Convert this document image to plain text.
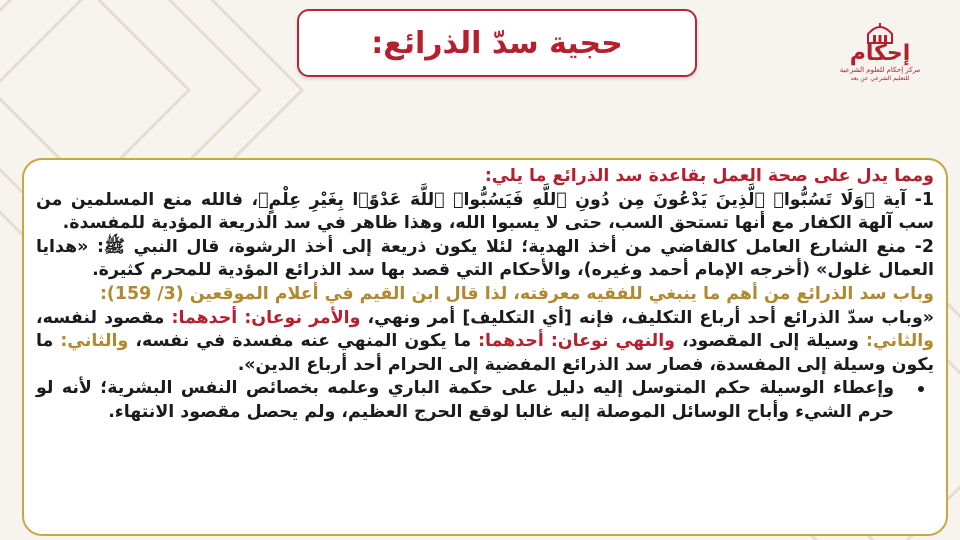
حجية سدّ الذرائع:	إحكام
مركز إحكام للعلوم الشرعية
للتعليم الشرعي عن بعد

ومما يدل على صحة العمل بقاعدة سد الذرائع ما يلي:

1- آية ﴿وَلَا تَسُبُّوا۟ ٱلَّذِينَ يَدْعُونَ مِن دُونِ ٱللَّهِ فَيَسُبُّوا۟ ٱللَّهَ عَدْوًۢا بِغَيْرِ عِلْمٍ﴾، فالله منع المسلمين من سب آلهة الكفار مع أنها تستحق السب، حتى لا يسبوا الله، وهذا ظاهر في سد الذريعة المؤدية للمفسدة.

2- منع الشارع العامل كالقاضي من أخذ الهدية؛ لئلا يكون ذريعة إلى أخذ الرشوة، قال النبي ﷺ: «هدايا العمال غلول» (أخرجه الإمام أحمد وغيره)، والأحكام التي قصد بها سد الذرائع المؤدية للمحرم كثيرة.

وباب سد الذرائع من أهم ما ينبغي للفقيه معرفته، لذا قال ابن القيم في أعلام الموقعين (3/ 159):

«وباب سدّ الذرائع أحد أرباع التكليف، فإنه [أي التكليف] أمر ونهي، والأمر نوعان: أحدهما: مقصود لنفسه، والثاني: وسيلة إلى المقصود، والنهي نوعان: أحدهما: ما يكون المنهي عنه مفسدة في نفسه، والثاني: ما يكون وسيلة إلى المفسدة، فصار سد الذرائع المفضية إلى الحرام أحد أرباع الدين».

وإعطاء الوسيلة حكم المتوسل إليه دليل على حكمة الباري وعلمه بخصائص النفس البشرية؛ لأنه لو حرم الشيء وأباح الوسائل الموصلة إليه غالبا لوقع الحرج العظيم، ولم يحصل مقصود الانتهاء.
